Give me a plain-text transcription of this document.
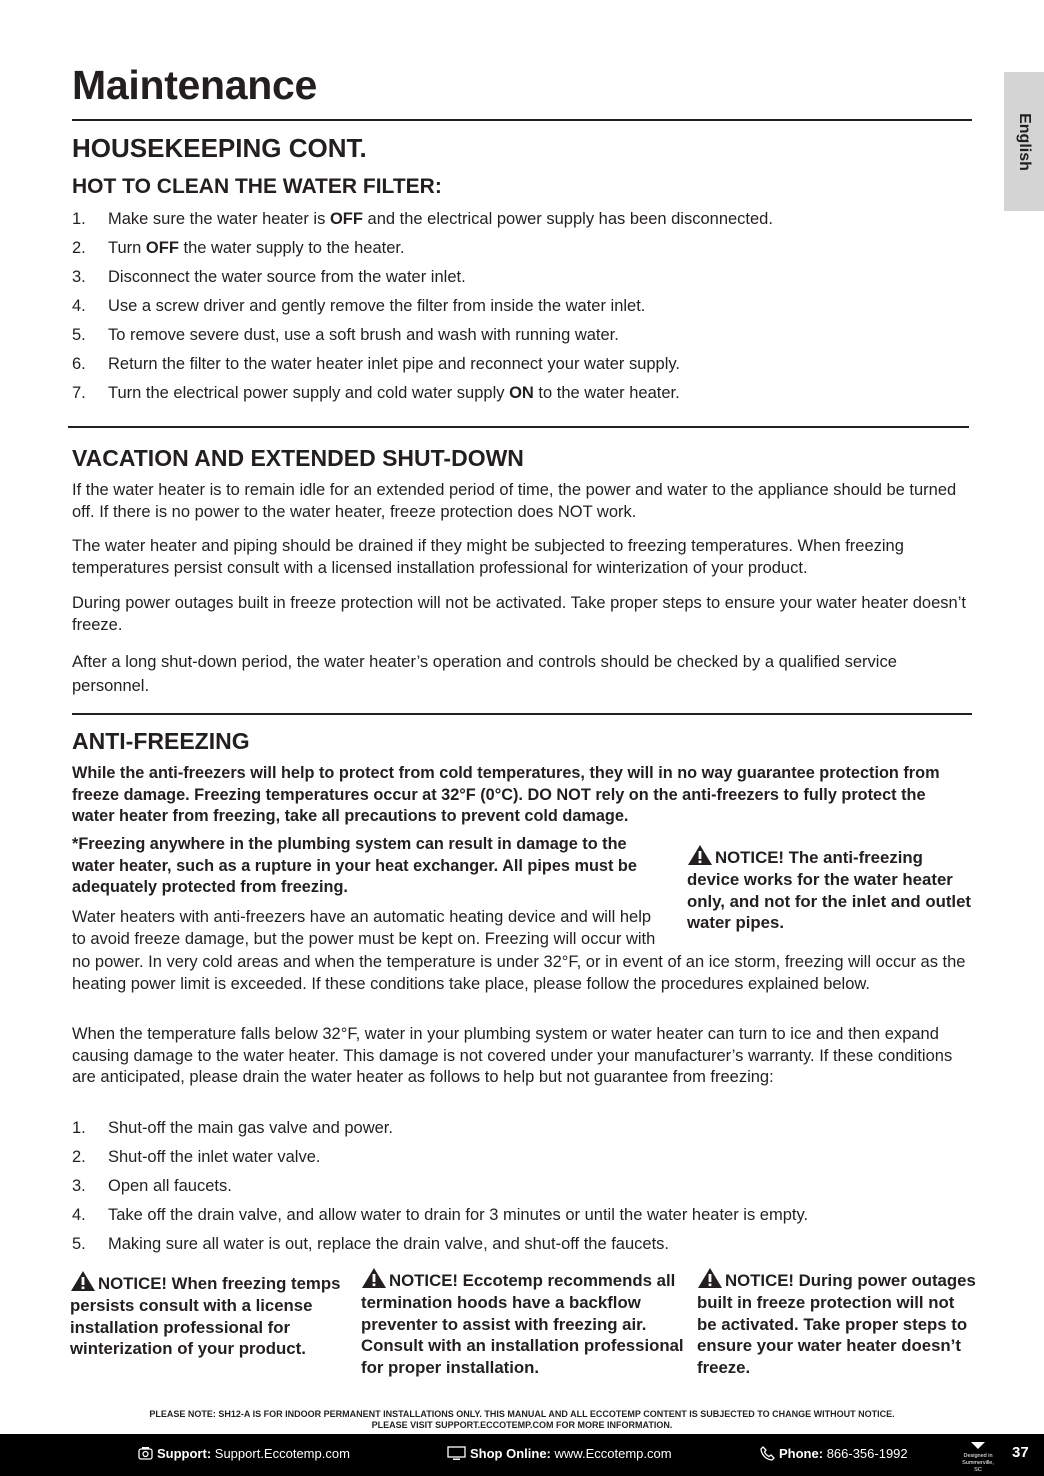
Maintenance
English
HOUSEKEEPING CONT.
HOT TO CLEAN THE WATER FILTER:
1. Make sure the water heater is OFF and the electrical power supply has been disconnected.
2. Turn OFF the water supply to the heater.
3. Disconnect the water source from the water inlet.
4. Use a screw driver and gently remove the filter from inside the water inlet.
5. To remove severe dust, use a soft brush and wash with running water.
6. Return the filter to the water heater inlet pipe and reconnect your water supply.
7. Turn the electrical power supply and cold water supply ON to the water heater.
VACATION AND EXTENDED SHUT-DOWN

If the water heater is to remain idle for an extended period of time, the power and water to the appliance should be turned off. If there is no power to the water heater, freeze protection does NOT work.

The water heater and piping should be drained if they might be subjected to freezing temperatures. When freezing temperatures persist consult with a licensed installation professional for winterization of your product.

During power outages built in freeze protection will not be activated. Take proper steps to ensure your water heater doesn’t freeze.

After a long shut-down period, the water heater’s operation and controls should be checked by a qualified service personnel.

ANTI-FREEZING

While the anti-freezers will help to protect from cold temperatures, they will in no way guarantee protection from freeze damage. Freezing temperatures occur at 32°F (0°C). DO NOT rely on the anti-freezers to fully protect the water heater from freezing, take all precautions to prevent cold damage.

*Freezing anywhere in the plumbing system can result in damage to the water heater, such as a rupture in your heat exchanger. All pipes must be adequately protected from freezing.

NOTICE! The anti-freezing device works for the water heater only, and not for the inlet and outlet water pipes.

Water heaters with anti-freezers have an automatic heating device and will help to avoid freeze damage, but the power must be kept on. Freezing will occur with no power. In very cold areas and when the temperature is under 32°F, or in event of an ice storm, freezing will occur as the heating power limit is exceeded. If these conditions take place, please follow the procedures explained below.

When the temperature falls below 32°F, water in your plumbing system or water heater can turn to ice and then expand causing damage to the water heater. This damage is not covered under your manufacturer’s warranty. If these conditions are anticipated, please drain the water heater as follows to help but not guarantee from freezing:

1. Shut-off the main gas valve and power.
2. Shut-off the inlet water valve.
3. Open all faucets.
4. Take off the drain valve, and allow water to drain for 3 minutes or until the water heater is empty.
5. Making sure all water is out, replace the drain valve, and shut-off the faucets.

NOTICE! When freezing temps persists consult with a license installation professional for winterization of your product.

NOTICE! Eccotemp recommends all termination hoods have a backflow preventer to assist with freezing air. Consult with an installation professional for proper installation.

NOTICE! During power outages built in freeze protection will not be activated. Take proper steps to ensure your water heater doesn’t freeze.

PLEASE NOTE: SH12-A IS FOR INDOOR PERMANENT INSTALLATIONS ONLY. THIS MANUAL AND ALL ECCOTEMP CONTENT IS SUBJECTED TO CHANGE WITHOUT NOTICE.
PLEASE VISIT SUPPORT.ECCOTEMP.COM FOR MORE INFORMATION.
Support: Support.Eccotemp.com	Shop Online: www.Eccotemp.com	Phone: 866-356-1992	Designed in
Summerville, SC
37
